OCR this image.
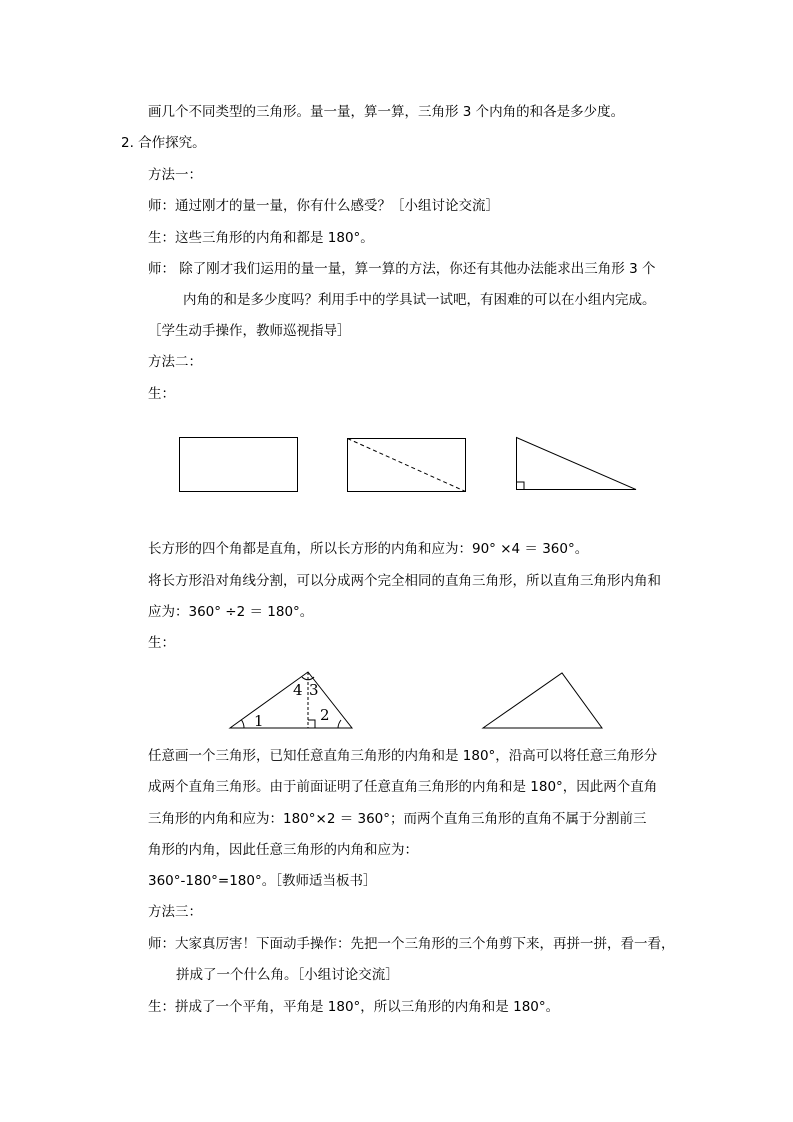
画几个不同类型的三角形。量一量，算一算，三角形 3 个内角的和各是多少度。
2. 合作探究。
方法一：
师：通过刚才的量一量，你有什么感受？［小组讨论交流］
生：这些三角形的内角和都是 180°。
师： 除了刚才我们运用的量一量，算一算的方法，你还有其他办法能求出三角形 3 个
内角的和是多少度吗？利用手中的学具试一试吧，有困难的可以在小组内完成。
［学生动手操作，教师巡视指导］
方法二：
生：
长方形的四个角都是直角，所以长方形的内角和应为：90° ×4 ＝ 360°。
将长方形沿对角线分割，可以分成两个完全相同的直角三角形，所以直角三角形内角和
应为：360° ÷2 ＝ 180°。
生：
4 3
1	2
任意画一个三角形，已知任意直角三角形的内角和是 180°，沿高可以将任意三角形分
成两个直角三角形。由于前面证明了任意直角三角形的内角和是 180°，因此两个直角
三角形的内角和应为：180°×2 ＝ 360°；而两个直角三角形的直角不属于分割前三
角形的内角，因此任意三角形的内角和应为：
360°-180°=180°。［教师适当板书］
方法三：
师：大家真厉害！下面动手操作：先把一个三角形的三个角剪下来，再拼一拼，看一看，
拼成了一个什么角。［小组讨论交流］
生：拼成了一个平角，平角是 180°，所以三角形的内角和是 180°。
